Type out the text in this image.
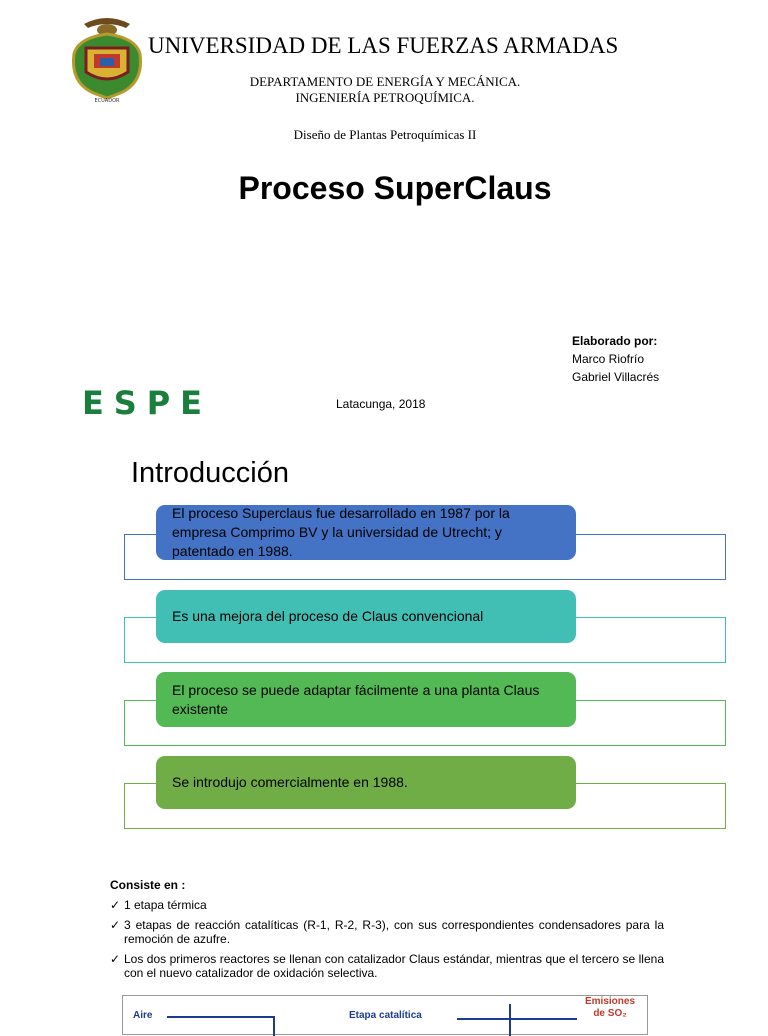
ECUADOR
UNIVERSIDAD DE LAS FUERZAS ARMADAS
DEPARTAMENTO DE ENERGÍA Y MECÁNICA.
INGENIERÍA PETROQUÍMICA.
Diseño de Plantas Petroquímicas II
Proceso SuperClaus
Elaborado por:
Marco Riofrío
Gabriel Villacrés
ESPE	Latacunga, 2018
Introducción
El proceso Superclaus fue desarrollado en 1987 por la empresa Comprimo BV y la universidad de Utrecht; y patentado en 1988.
Es una mejora del proceso de Claus convencional
El proceso se puede adaptar fácilmente a una planta Claus existente
Se introdujo comercialmente en 1988.
Consiste en :
✓ 1 etapa térmica
✓ 3 etapas de reacción catalíticas (R-1, R-2, R-3), con sus correspondientes condensadores para la remoción de azufre.
✓ Los dos primeros reactores se llenan con catalizador Claus estándar, mientras que el tercero se llena con el nuevo catalizador de oxidación selectiva.
Aire	Etapa catalítica
Emisiones
de SO₂
